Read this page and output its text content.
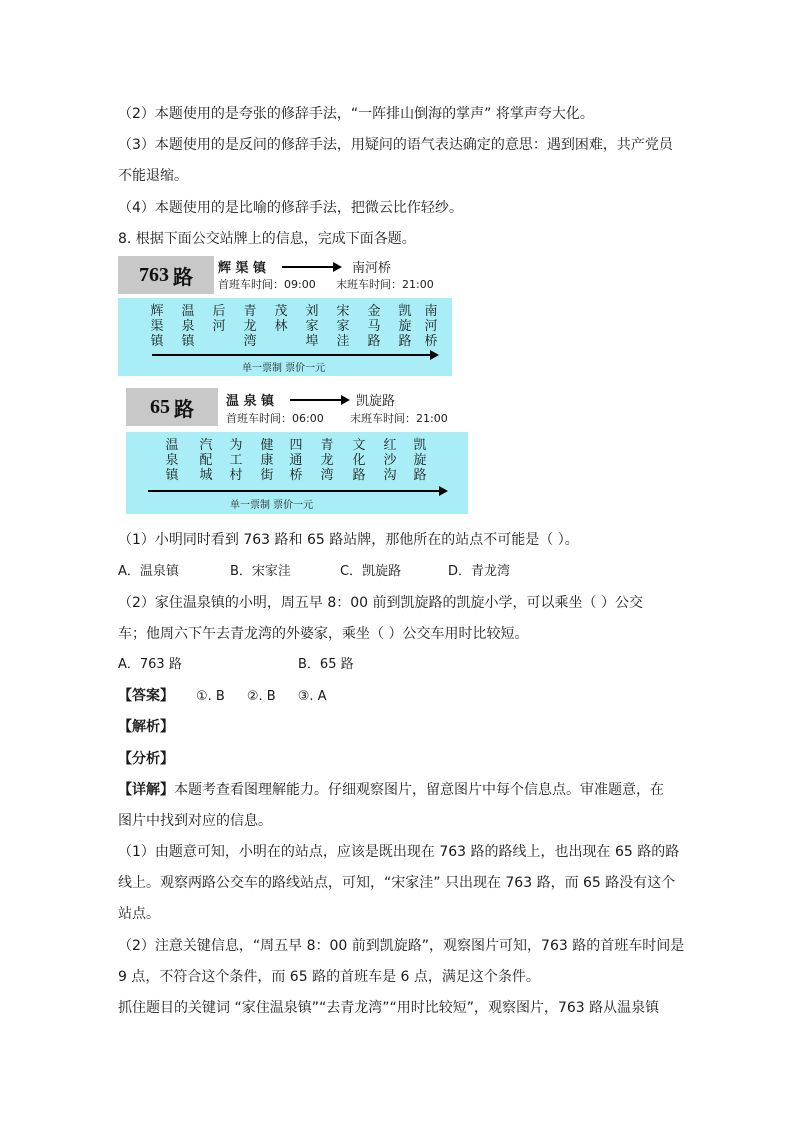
（2）本题使用的是夸张的修辞手法，“一阵排山倒海的掌声” 将掌声夸大化。
（3）本题使用的是反问的修辞手法，用疑问的语气表达确定的意思：遇到困难，共产党员
不能退缩。
（4）本题使用的是比喻的修辞手法，把微云比作轻纱。
8. 根据下面公交站牌上的信息，完成下面各题。
763 路 辉 渠 镇	南河桥
首班车时间：09:00 末班车时间：21:00
辉渠镇
温泉镇
后河
青龙湾
茂林
刘家埠
宋家洼
金马路
凯旋路
南河桥
单一票制 票价一元
65 路 温 泉 镇	凯旋路
首班车时间：06:00 末班车时间：21:00
温泉镇
汽配城
为工村
健康街
四通桥
青龙湾
文化路
红沙沟
凯旋路
单一票制 票价一元
（1）小明同时看到 763 路和 65 路站牌，那他所在的站点不可能是（ ）。
A．温泉镇	B．宋家洼	C．凯旋路	D．青龙湾
（2）家住温泉镇的小明，周五早 8：00 前到凯旋路的凯旋小学，可以乘坐（ ）公交
车；他周六下午去青龙湾的外婆家，乘坐（ ）公交车用时比较短。
A．763 路	B．65 路
【答案】 ①. B ②. B ③. A
【解析】
【分析】
【详解】本题考查看图理解能力。仔细观察图片，留意图片中每个信息点。审准题意，在
图片中找到对应的信息。
（1）由题意可知，小明在的站点，应该是既出现在 763 路的路线上，也出现在 65 路的路
线上。观察两路公交车的路线站点，可知，“宋家洼” 只出现在 763 路，而 65 路没有这个
站点。
（2）注意关键信息，“周五早 8：00 前到凯旋路”，观察图片可知，763 路的首班车时间是
9 点，不符合这个条件，而 65 路的首班车是 6 点，满足这个条件。
抓住题目的关键词 “家住温泉镇”“去青龙湾”“用时比较短”，观察图片，763 路从温泉镇
